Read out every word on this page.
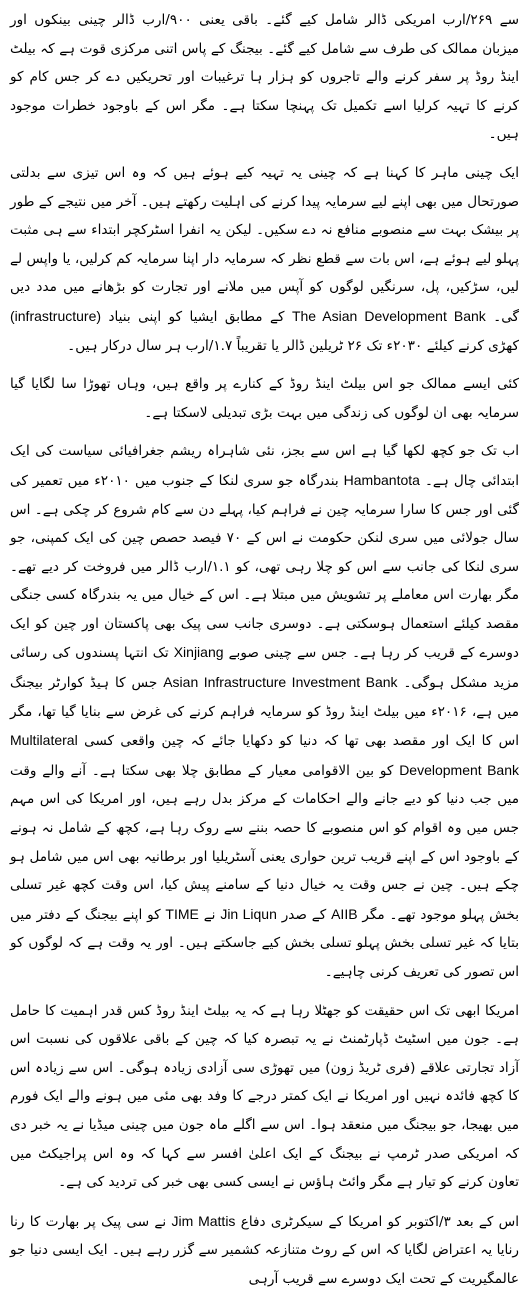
سے ۲۶۹/ارب امریکی ڈالر شامل کیے گئے۔ باقی یعنی ۹۰۰/ارب ڈالر چینی بینکوں اور میزبان ممالک کی طرف سے شامل کیے گئے۔ بیجنگ کے پاس اتنی مرکزی قوت ہے کہ بیلٹ اینڈ روڈ پر سفر کرنے والے تاجروں کو ہزار ہا ترغیبات اور تحریکیں دے کر جس کام کو کرنے کا تہیہ کرلیا اسے تکمیل تک پہنچا سکتا ہے۔ مگر اس کے باوجود خطرات موجود ہیں۔

ایک چینی ماہر کا کہنا ہے کہ چینی یہ تہیہ کیے ہوئے ہیں کہ وہ اس تیزی سے بدلتی صورتحال میں بھی اپنے لیے سرمایہ پیدا کرنے کی اہلیت رکھتے ہیں۔ آخر میں نتیجے کے طور پر بیشک بہت سے منصوبے منافع نہ دے سکیں۔ لیکن یہ انفرا اسٹرکچر ابتداء سے ہی مثبت پہلو لیے ہوئے ہے، اس بات سے قطع نظر کہ سرمایہ دار اپنا سرمایہ کم کرلیں، یا واپس لے لیں، سڑکیں، پل، سرنگیں لوگوں کو آپس میں ملانے اور تجارت کو بڑھانے میں مدد دیں گی۔ The Asian Development Bank کے مطابق ایشیا کو اپنی بنیاد (infrastructure) کھڑی کرنے کیلئے ۲۰۳۰ء تک ۲۶ ٹریلین ڈالر یا تقریباً ۱.۷/ارب ہر سال درکار ہیں۔

کئی ایسے ممالک جو اس بیلٹ اینڈ روڈ کے کنارے پر واقع ہیں، وہاں تھوڑا سا لگایا گیا سرمایہ بھی ان لوگوں کی زندگی میں بہت بڑی تبدیلی لاسکتا ہے۔

اب تک جو کچھ لکھا گیا ہے اس سے بجز، نئی شاہراہ ریشم جغرافیائی سیاست کی ایک ابتدائی چال ہے۔ Hambantota بندرگاہ جو سری لنکا کے جنوب میں ۲۰۱۰ء میں تعمیر کی گئی اور جس کا سارا سرمایہ چین نے فراہم کیا، پہلے دن سے کام شروع کر چکی ہے۔ اس سال جولائی میں سری لنکن حکومت نے اس کے ۷۰ فیصد حصص چین کی ایک کمپنی، جو سری لنکا کی جانب سے اس کو چلا رہی تھی، کو ۱.۱/ارب ڈالر میں فروخت کر دیے تھے۔ مگر بھارت اس معاملے پر تشویش میں مبتلا ہے۔ اس کے خیال میں یہ بندرگاہ کسی جنگی مقصد کیلئے استعمال ہوسکتی ہے۔ دوسری جانب سی پیک بھی پاکستان اور چین کو ایک دوسرے کے قریب کر رہا ہے۔ جس سے چینی صوبے Xinjiang تک انتہا پسندوں کی رسائی مزید مشکل ہوگی۔ Asian Infrastructure Investment Bank جس کا ہیڈ کوارٹر بیجنگ میں ہے، ۲۰۱۶ء میں بیلٹ اینڈ روڈ کو سرمایہ فراہم کرنے کی غرض سے بنایا گیا تھا، مگر اس کا ایک اور مقصد بھی تھا کہ دنیا کو دکھایا جائے کہ چین واقعی کسی Multilateral Development Bank کو بین الاقوامی معیار کے مطابق چلا بھی سکتا ہے۔ آنے والے وقت میں جب دنیا کو دیے جانے والے احکامات کے مرکز بدل رہے ہیں، اور امریکا کی اس مہم جس میں وہ اقوام کو اس منصوبے کا حصہ بننے سے روک رہا ہے، کچھ کے شامل نہ ہونے کے باوجود اس کے اپنے قریب ترین حواری یعنی آسٹریلیا اور برطانیہ بھی اس میں شامل ہو چکے ہیں۔ چین نے جس وقت یہ خیال دنیا کے سامنے پیش کیا، اس وقت کچھ غیر تسلی بخش پہلو موجود تھے۔ مگر AIIB کے صدر Jin Liqun نے TIME کو اپنے بیجنگ کے دفتر میں بتایا کہ غیر تسلی بخش پہلو تسلی بخش کیے جاسکتے ہیں۔ اور یہ وقت ہے کہ لوگوں کو اس تصور کی تعریف کرنی چاہیے۔

امریکا ابھی تک اس حقیقت کو جھٹلا رہا ہے کہ یہ بیلٹ اینڈ روڈ کس قدر اہمیت کا حامل ہے۔ جون میں اسٹیٹ ڈپارٹمنٹ نے یہ تبصرہ کیا کہ چین کے باقی علاقوں کی نسبت اس آزاد تجارتی علاقے (فری ٹریڈ زون) میں تھوڑی سی آزادی زیادہ ہوگی۔ اس سے زیادہ اس کا کچھ فائدہ نہیں اور امریکا نے ایک کمتر درجے کا وفد بھی مئی میں ہونے والے ایک فورم میں بھیجا، جو بیجنگ میں منعقد ہوا۔ اس سے اگلے ماہ جون میں چینی میڈیا نے یہ خبر دی کہ امریکی صدر ٹرمپ نے بیجنگ کے ایک اعلیٰ افسر سے کہا کہ وہ اس پراجیکٹ میں تعاون کرنے کو تیار ہے مگر وائٹ ہاؤس نے ایسی کسی بھی خبر کی تردید کی ہے۔

اس کے بعد ۳/اکتوبر کو امریکا کے سیکرٹری دفاع Jim Mattis نے سی پیک پر بھارت کا رنا رنایا یہ اعتراض لگایا کہ اس کے روٹ متنازعہ کشمیر سے گزر رہے ہیں۔ ایک ایسی دنیا جو عالمگیریت کے تحت ایک دوسرے سے قریب آرہی
